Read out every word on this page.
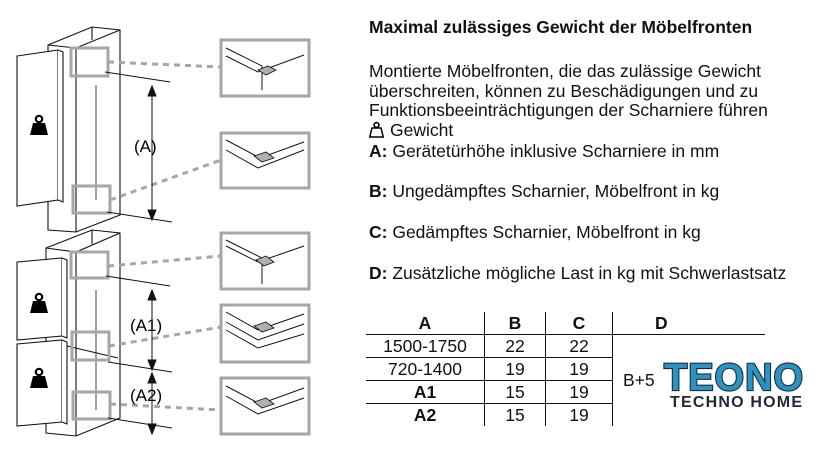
(A)
(A1)
(A2)
Maximal zulässiges Gewicht der Möbelfronten
Montierte Möbelfronten, die das zulässige Gewicht überschreiten, können zu Beschädigungen und zu Funktionsbeeinträchtigungen der Scharniere führen
Gewicht
A: Gerätetürhöhe inklusive Scharniere in mm
B: Ungedämpftes Scharnier, Möbelfront in kg
C: Gedämpftes Scharnier, Möbelfront in kg
D: Zusätzliche mögliche Last in kg mit Schwerlastsatz
A	B	C	D
1500-1750	22	22	B+5
720-1400	19	19	
A1	15	19	
A2	15	19	
TEONO
TECHNO HOME
